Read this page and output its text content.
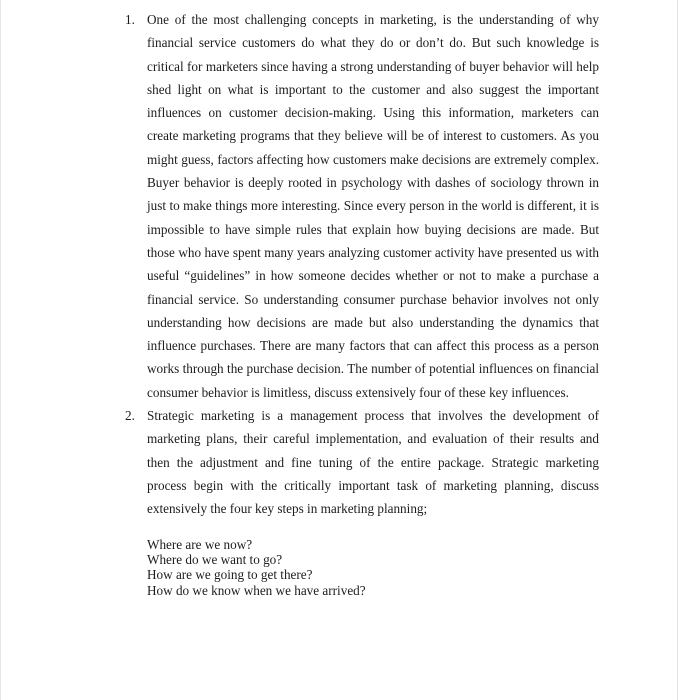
1. One of the most challenging concepts in marketing, is the understanding of why financial service customers do what they do or don’t do. But such knowledge is critical for marketers since having a strong understanding of buyer behavior will help shed light on what is important to the customer and also suggest the important influences on customer decision-making. Using this information, marketers can create marketing programs that they believe will be of interest to customers. As you might guess, factors affecting how customers make decisions are extremely complex. Buyer behavior is deeply rooted in psychology with dashes of sociology thrown in just to make things more interesting. Since every person in the world is different, it is impossible to have simple rules that explain how buying decisions are made. But those who have spent many years analyzing customer activity have presented us with useful “guidelines” in how someone decides whether or not to make a purchase a financial service. So understanding consumer purchase behavior involves not only understanding how decisions are made but also understanding the dynamics that influence purchases. There are many factors that can affect this process as a person works through the purchase decision. The number of potential influences on financial consumer behavior is limitless, discuss extensively four of these key influences.
2. Strategic marketing is a management process that involves the development of marketing plans, their careful implementation, and evaluation of their results and then the adjustment and fine tuning of the entire package. Strategic marketing process begin with the critically important task of marketing planning, discuss extensively the four key steps in marketing planning;
Where are we now?
Where do we want to go?
How are we going to get there?
How do we know when we have arrived?
